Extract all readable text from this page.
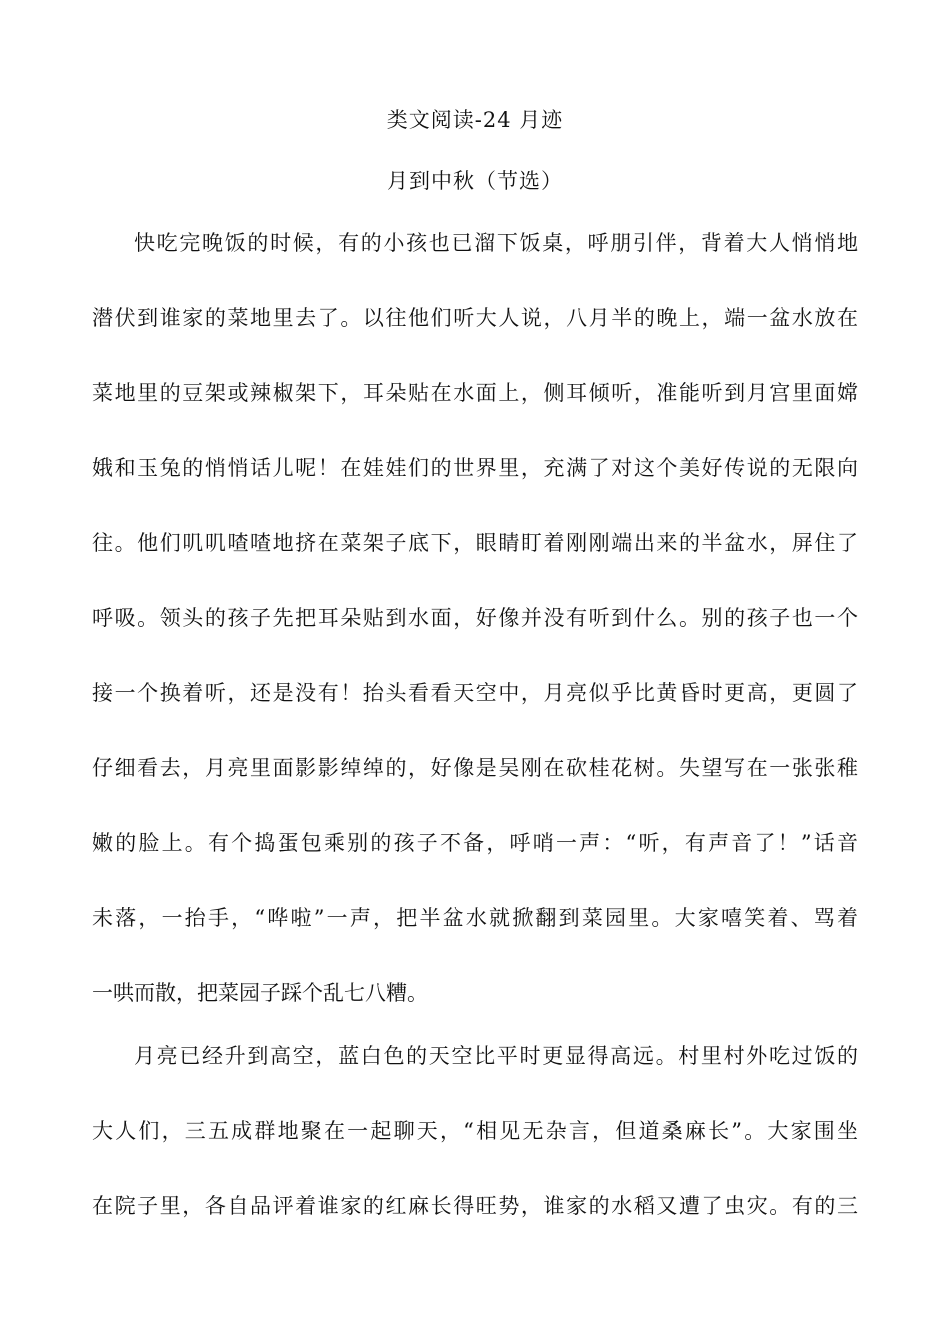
类文阅读-24 月迹
月到中秋（节选）
快吃完晚饭的时候，有的小孩也已溜下饭桌，呼朋引伴，背着大人悄悄地
潜伏到谁家的菜地里去了。以往他们听大人说，八月半的晚上，端一盆水放在
菜地里的豆架或辣椒架下，耳朵贴在水面上，侧耳倾听，准能听到月宫里面嫦
娥和玉兔的悄悄话儿呢！在娃娃们的世界里，充满了对这个美好传说的无限向
往。他们叽叽喳喳地挤在菜架子底下，眼睛盯着刚刚端出来的半盆水，屏住了
呼吸。领头的孩子先把耳朵贴到水面，好像并没有听到什么。别的孩子也一个
接一个换着听，还是没有！抬头看看天空中，月亮似乎比黄昏时更高，更圆了
仔细看去，月亮里面影影绰绰的，好像是吴刚在砍桂花树。失望写在一张张稚
嫩的脸上。有个捣蛋包乘别的孩子不备，呼哨一声：“听，有声音了！”话音
未落，一抬手，“哗啦”一声，把半盆水就掀翻到菜园里。大家嘻笑着、骂着
一哄而散，把菜园子踩个乱七八糟。
月亮已经升到高空，蓝白色的天空比平时更显得高远。村里村外吃过饭的
大人们，三五成群地聚在一起聊天，“相见无杂言，但道桑麻长”。大家围坐
在院子里，各自品评着谁家的红麻长得旺势，谁家的水稻又遭了虫灾。有的三
